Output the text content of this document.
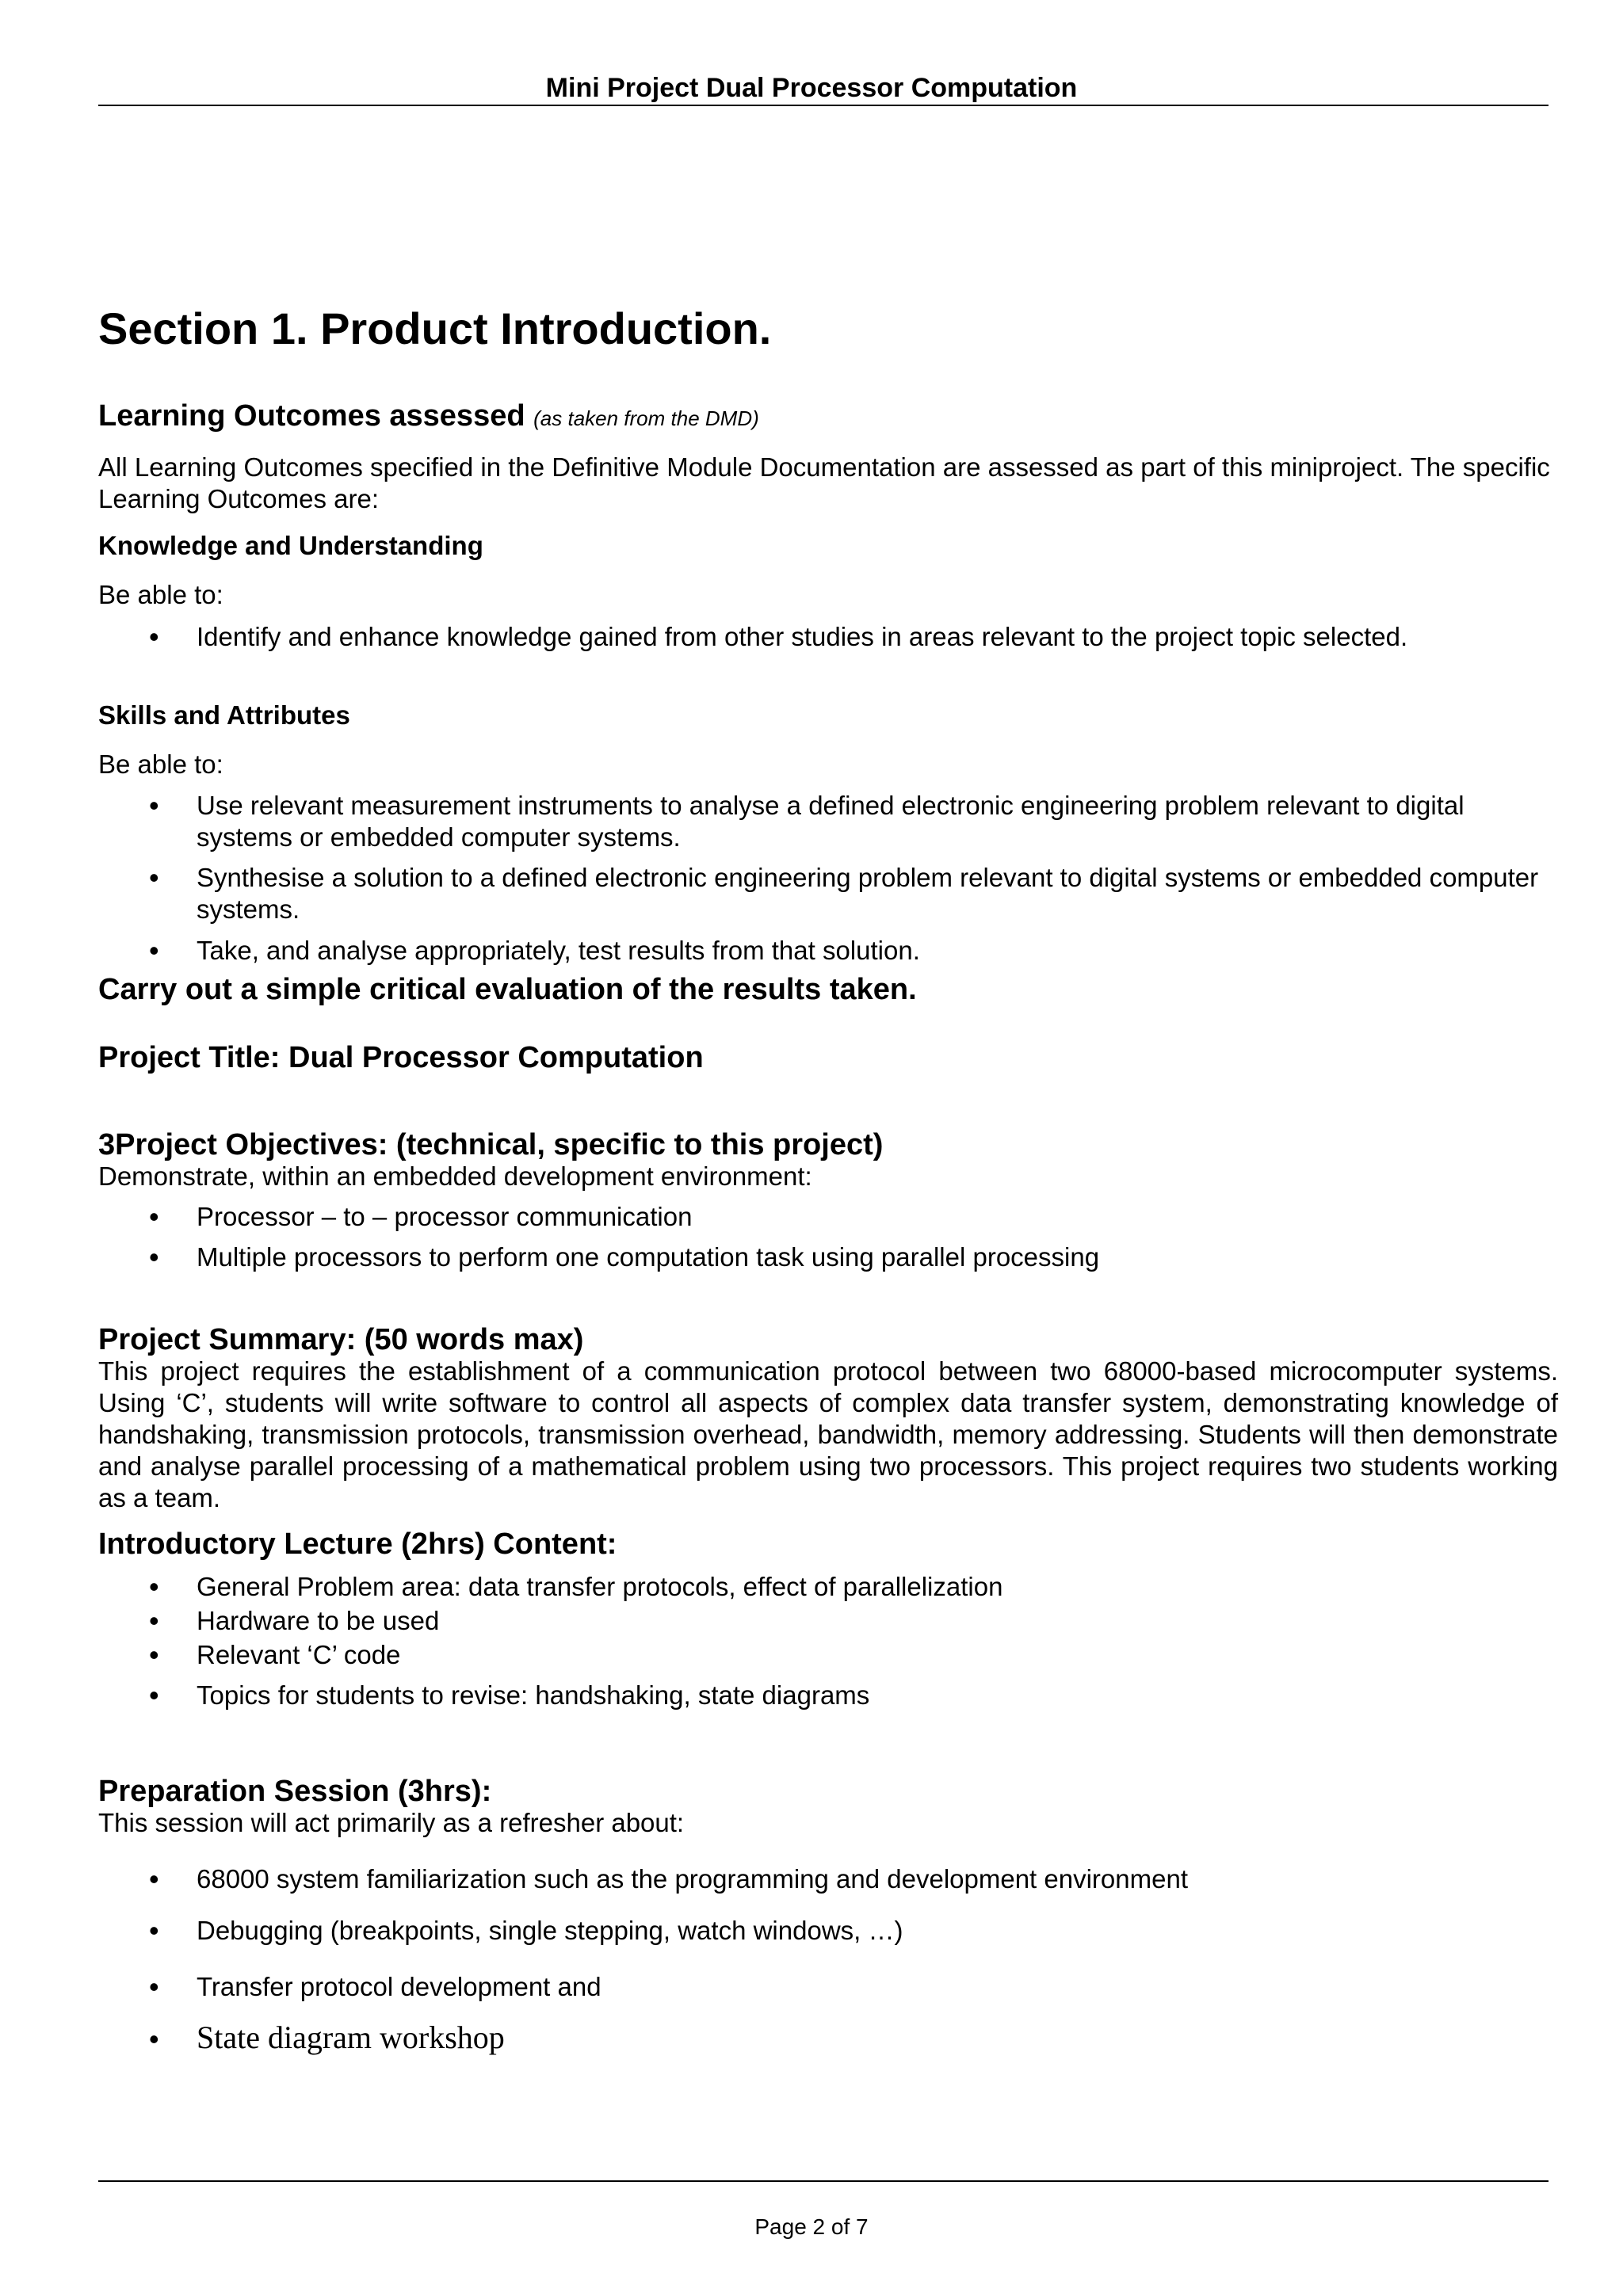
Mini Project Dual Processor Computation
Section 1. Product Introduction.
Learning Outcomes assessed (as taken from the DMD)
All Learning Outcomes specified in the Definitive Module Documentation are assessed as part of this miniproject. The specific Learning Outcomes are:
Knowledge and Understanding
Be able to:
• Identify and enhance knowledge gained from other studies in areas relevant to the project topic selected.
Skills and Attributes
Be able to:
• Use relevant measurement instruments to analyse a defined electronic engineering problem relevant to digital systems or embedded computer systems.
• Synthesise a solution to a defined electronic engineering problem relevant to digital systems or embedded computer systems.
• Take, and analyse appropriately, test results from that solution.
Carry out a simple critical evaluation of the results taken.
Project Title: Dual Processor Computation
3Project Objectives: (technical, specific to this project)
Demonstrate, within an embedded development environment:
• Processor – to – processor communication
• Multiple processors to perform one computation task using parallel processing
Project Summary: (50 words max)
This project requires the establishment of a communication protocol between two 68000-based microcomputer systems. Using ‘C’, students will write software to control all aspects of complex data transfer system, demonstrating knowledge of handshaking, transmission protocols, transmission overhead, bandwidth, memory addressing. Students will then demonstrate and analyse parallel processing of a mathematical problem using two processors. This project requires two students working as a team.
Introductory Lecture (2hrs) Content:
• General Problem area: data transfer protocols, effect of parallelization
• Hardware to be used
• Relevant ‘C’ code
• Topics for students to revise: handshaking, state diagrams
Preparation Session (3hrs):
This session will act primarily as a refresher about:
• 68000 system familiarization such as the programming and development environment
• Debugging (breakpoints, single stepping, watch windows, …)
• Transfer protocol development and
• State diagram workshop
Page 2 of 7
